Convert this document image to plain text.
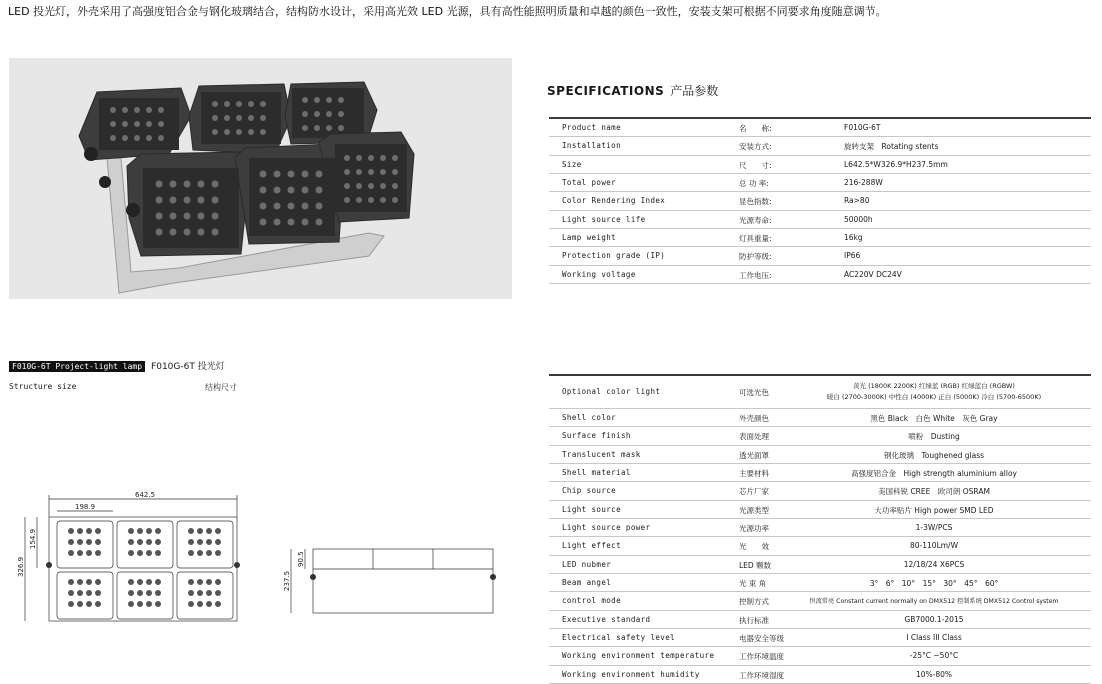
LED 投光灯，外壳采用了高强度铝合金与钢化玻璃结合，结构防水设计，采用高光效 LED 光源，具有高性能照明质量和卓越的颜色一致性，安装支架可根据不同要求角度随意调节。
SPECIFICATIONS 产品参数
Product name	名　　称:	F010G-6T
Installation	安装方式:	旋转支架　Rotating stents
Size	尺　　寸:	L642.5*W326.9*H237.5mm
Total power	总 功 率:	216-288W
Color Rendering Index	显色指数:	Ra>80
Light source life	光源寿命:	50000h
Lamp weight	灯具重量:	16kg
Protection grade (IP)	防护等级:	IP66
Working voltage	工作电压:	AC220V DC24V
F010G-6T Project-light lamp F010G-6T 投光灯
Structure size	结构尺寸
642.5
198.9
154.9
326.9	90.5
237.5
Optional color light	可选光色
黄光 (1800K 2200K) 红绿蓝 (RGB) 红绿蓝白 (RGBW)
暖白 (2700-3000K) 中性白 (4000K) 正白 (5000K) 冷白 (5700-6500K)
Shell color	外壳颜色	黑色 Black　白色 White　灰色 Gray
Surface finish	表面处理	喷粉　Dusting
Translucent mask	透光面罩	钢化玻璃　Toughened glass
Shell material	主要材料	高强度铝合金　High strength aluminium alloy
Chip source	芯片厂家	美国科锐 CREE　欧司朗 OSRAM
Light source	光源类型	大功率贴片 High power SMD LED
Light source power	光源功率	1-3W/PCS
Light effect	光　　效	80-110Lm/W
LED nubmer	LED 颗数	12/18/24 X6PCS
Beam angel	光 束 角	3°　6°　10°　15°　30°　45°　60°
control mode	控制方式	恒流常亮 Constant current normally on DMX512 控制系统 DMX512 Control system
Executive standard	执行标准	GB7000.1-2015
Electrical safety level	电器安全等级	I Class III Class
Working environment temperature	工作环境温度	-25°C ~50°C
Working environment humidity	工作环境湿度	10%-80%
